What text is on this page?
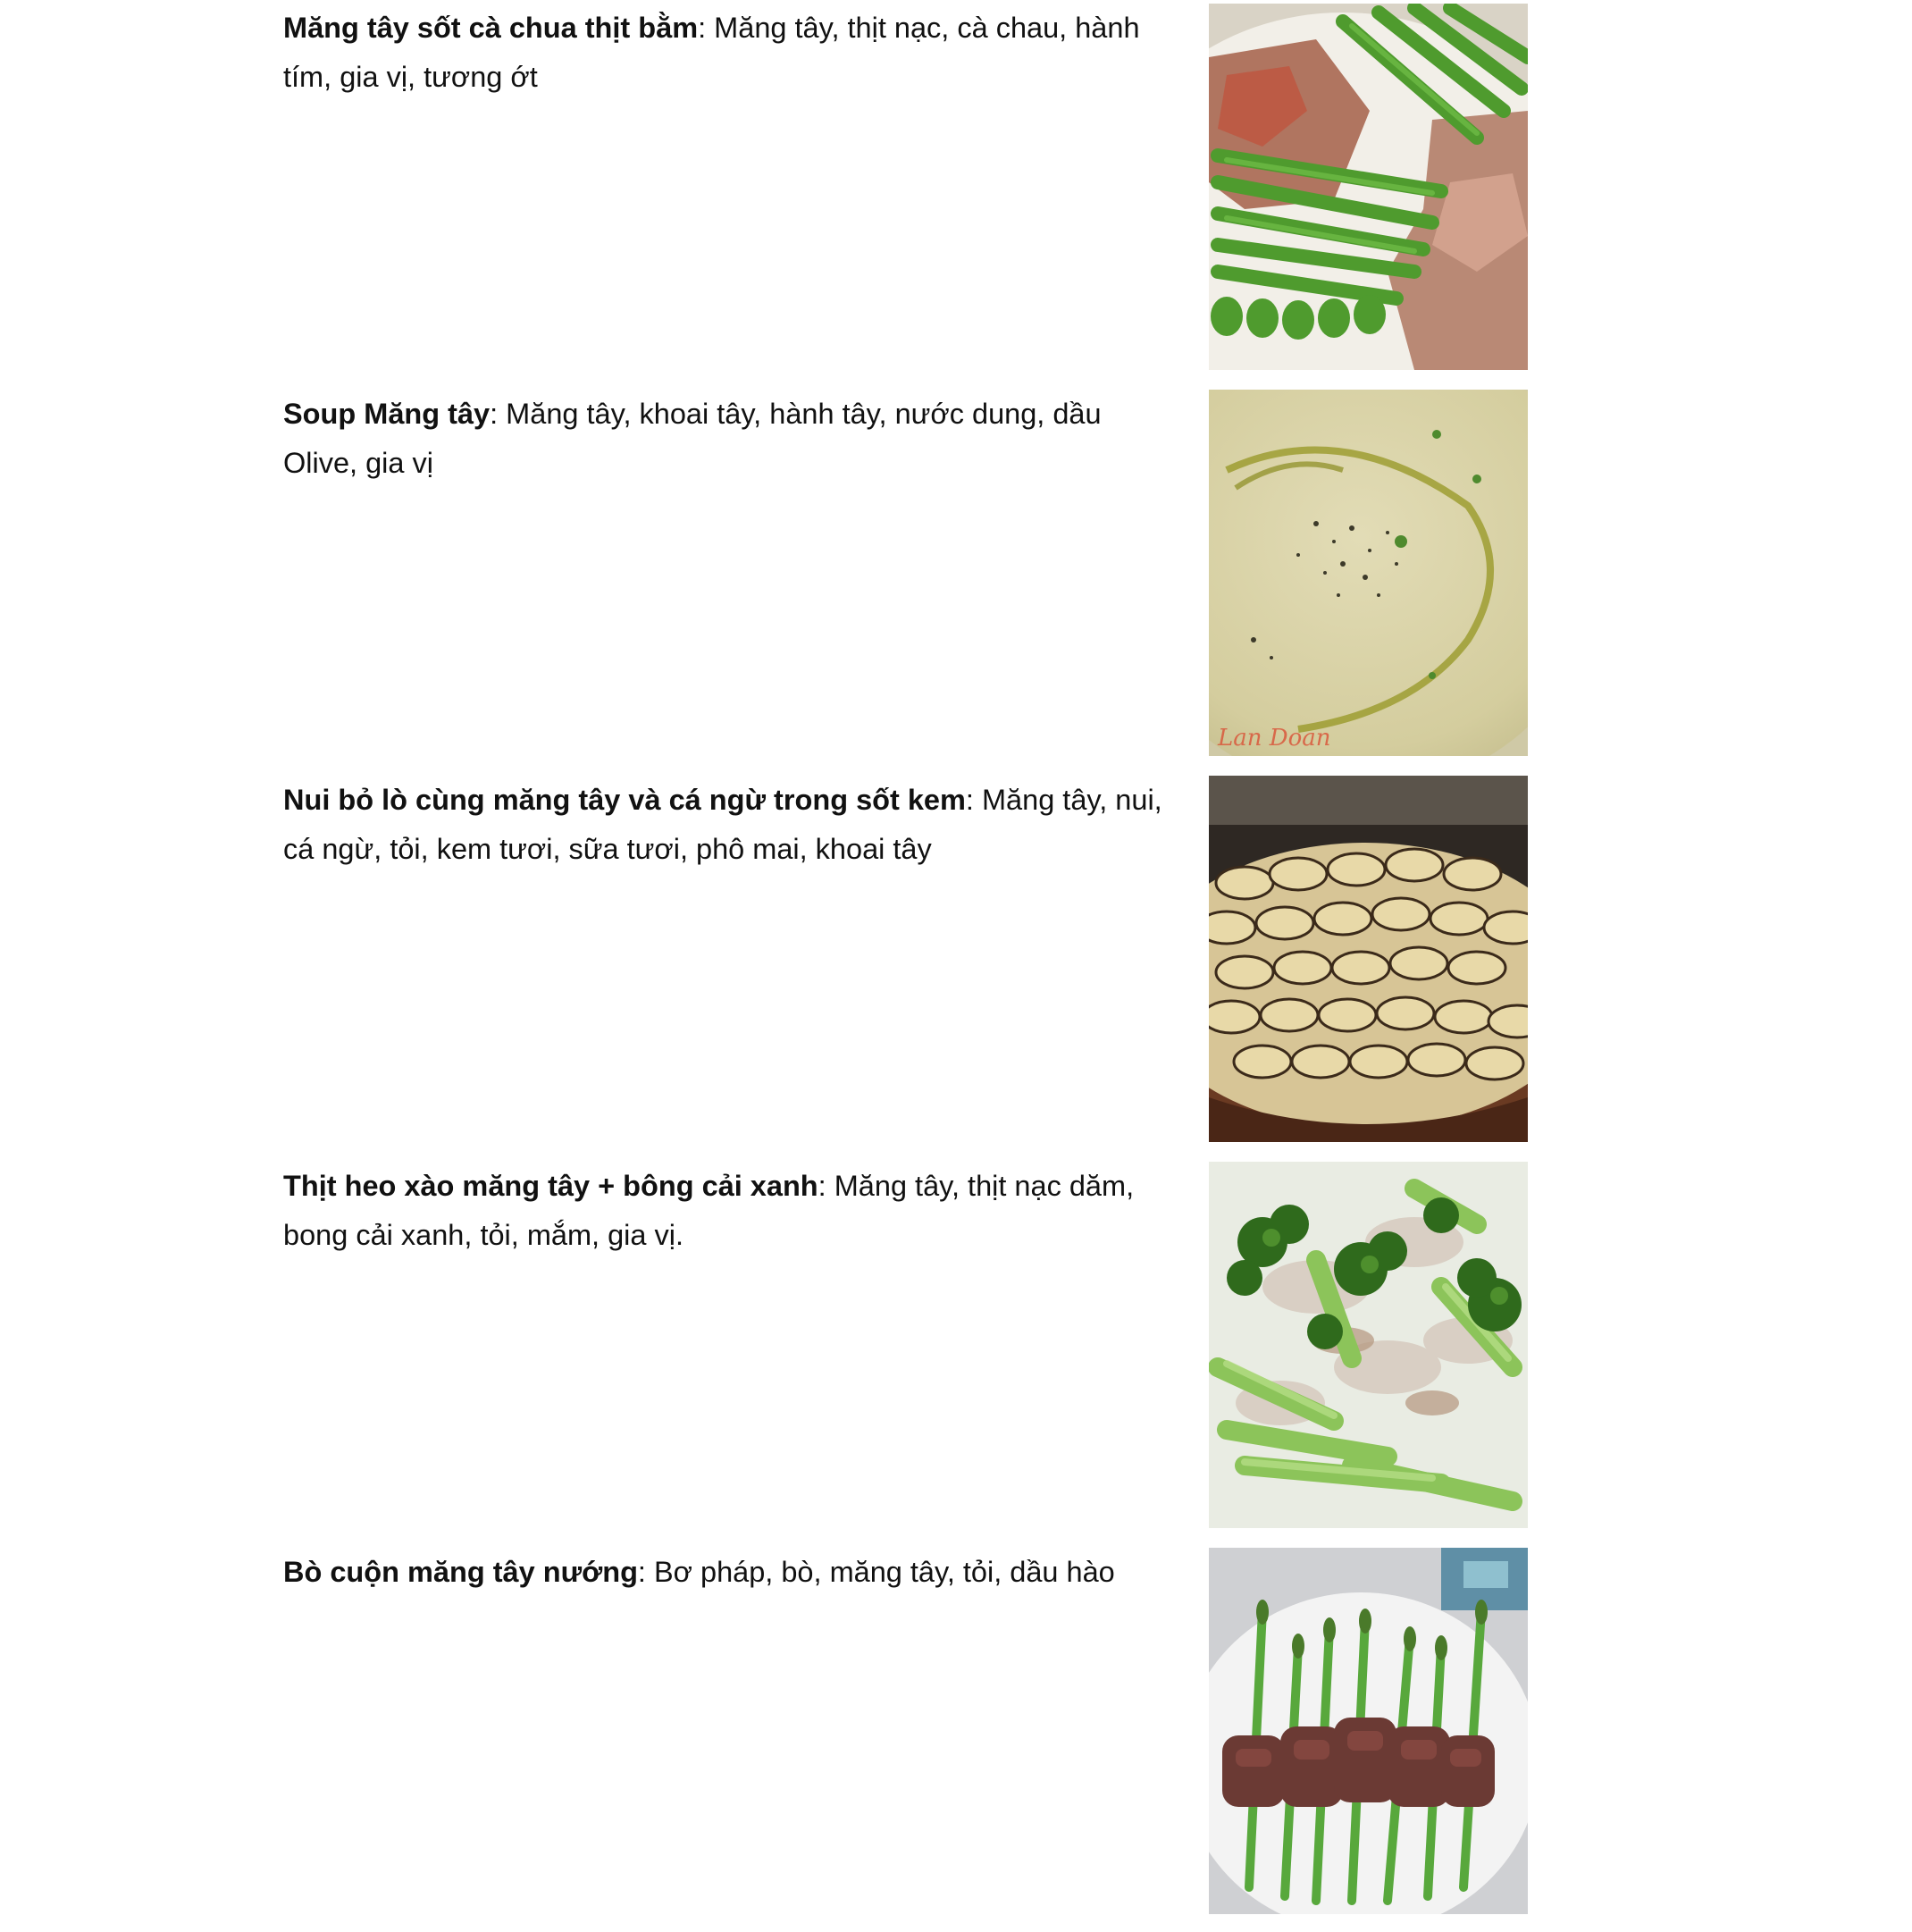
Măng tây sốt cà chua thịt bằm: Măng tây, thịt nạc, cà chau, hành tím, gia vị, tương ớt

Soup Măng tây: Măng tây, khoai tây, hành tây, nước dung, dầu Olive, gia vị

Lan Doan

Nui bỏ lò cùng măng tây và cá ngừ trong sốt kem: Măng tây, nui, cá ngừ, tỏi, kem tươi, sữa tươi, phô mai, khoai tây

Thịt heo xào măng tây + bông cải xanh: Măng tây, thịt nạc dăm, bong cải xanh, tỏi, mắm, gia vị.

Bò cuộn măng tây nướng: Bơ pháp, bò, măng tây, tỏi, dầu hào
